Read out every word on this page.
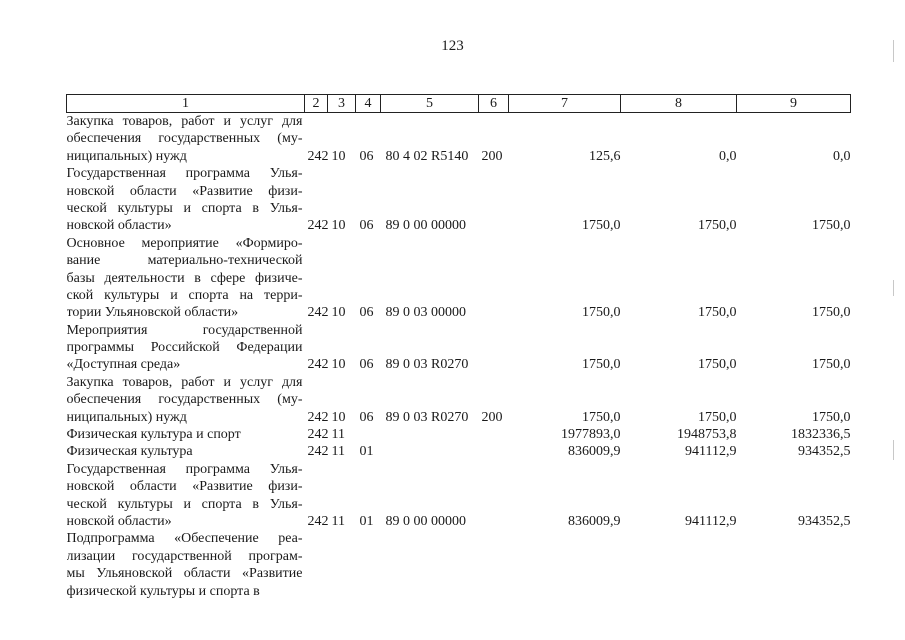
123
1	2	3	4	5	6	7	8	9

Закупка товаров, работ и услуг для
обеспечения государственных (му-
ниципальных) нужд	242	10	06	80 4 02 R5140	200	125,6	0,0	0,0

Государственная программа Улья-
новской области «Развитие физи-
ческой культуры и спорта в Улья-
новской области»	242	10	06	89 0 00 00000		1750,0	1750,0	1750,0

Основное мероприятие «Формиро-
вание материально-технической
базы деятельности в сфере физиче-
ской культуры и спорта на терри-
тории Ульяновской области»	242	10	06	89 0 03 00000		1750,0	1750,0	1750,0

Мероприятия государственной
программы Российской Федерации
«Доступная среда»	242	10	06	89 0 03 R0270		1750,0	1750,0	1750,0

Закупка товаров, работ и услуг для
обеспечения государственных (му-
ниципальных) нужд	242	10	06	89 0 03 R0270	200	1750,0	1750,0	1750,0

Физическая культура и спорт	242	11				1977893,0	1948753,8	1832336,5

Физическая культура	242	11	01			836009,9	941112,9	934352,5

Государственная программа Улья-
новской области «Развитие физи-
ческой культуры и спорта в Улья-
новской области»	242	11	01	89 0 00 00000		836009,9	941112,9	934352,5

Подпрограмма «Обеспечение реа-
лизации государственной програм-
мы Ульяновской области «Развитие
физической культуры и спорта в								
